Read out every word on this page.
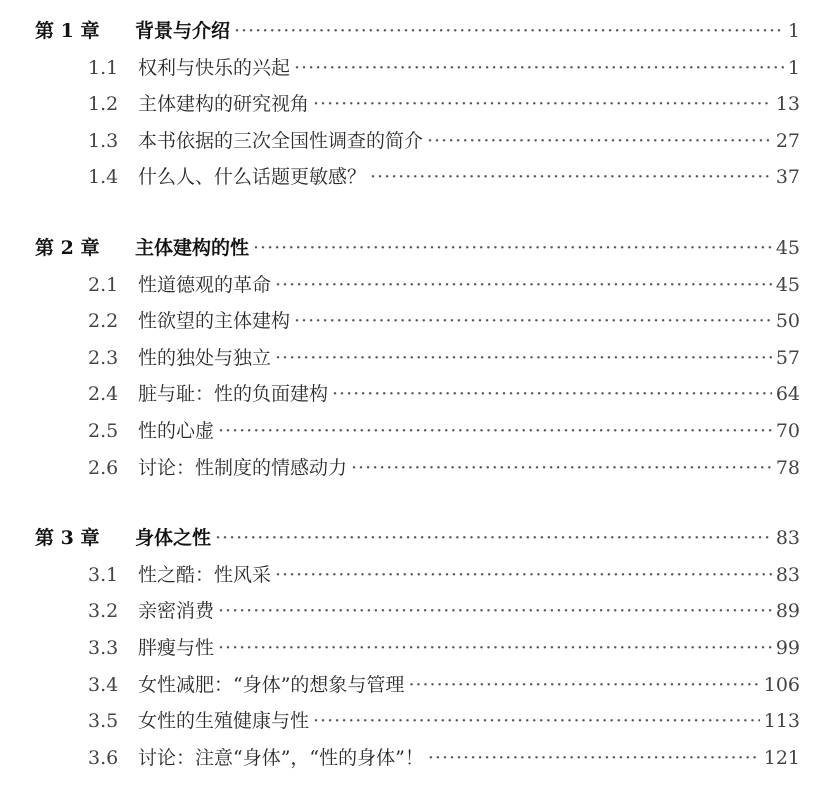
第 1 章	背景与介绍 ·····	1
1.1	权利与快乐的兴起 ·····	1
1.2	主体建构的研究视角 ·····	13
1.3	本书依据的三次全国性调查的简介 ·····	27
1.4	什么人、什么话题更敏感？ ·····	37
第 2 章	主体建构的性 ·····	45
2.1	性道德观的革命 ·····	45
2.2	性欲望的主体建构 ·····	50
2.3	性的独处与独立 ·····	57
2.4	脏与耻：性的负面建构 ·····	64
2.5	性的心虚 ·····	70
2.6	讨论：性制度的情感动力 ·····	78
第 3 章	身体之性 ·····	83
3.1	性之酷：性风采 ·····	83
3.2	亲密消费 ·····	89
3.3	胖瘦与性 ·····	99
3.4	女性减肥：“身体”的想象与管理 ·····	106
3.5	女性的生殖健康与性 ·····	113
3.6	讨论：注意“身体”，“性的身体”！ ·····	121
